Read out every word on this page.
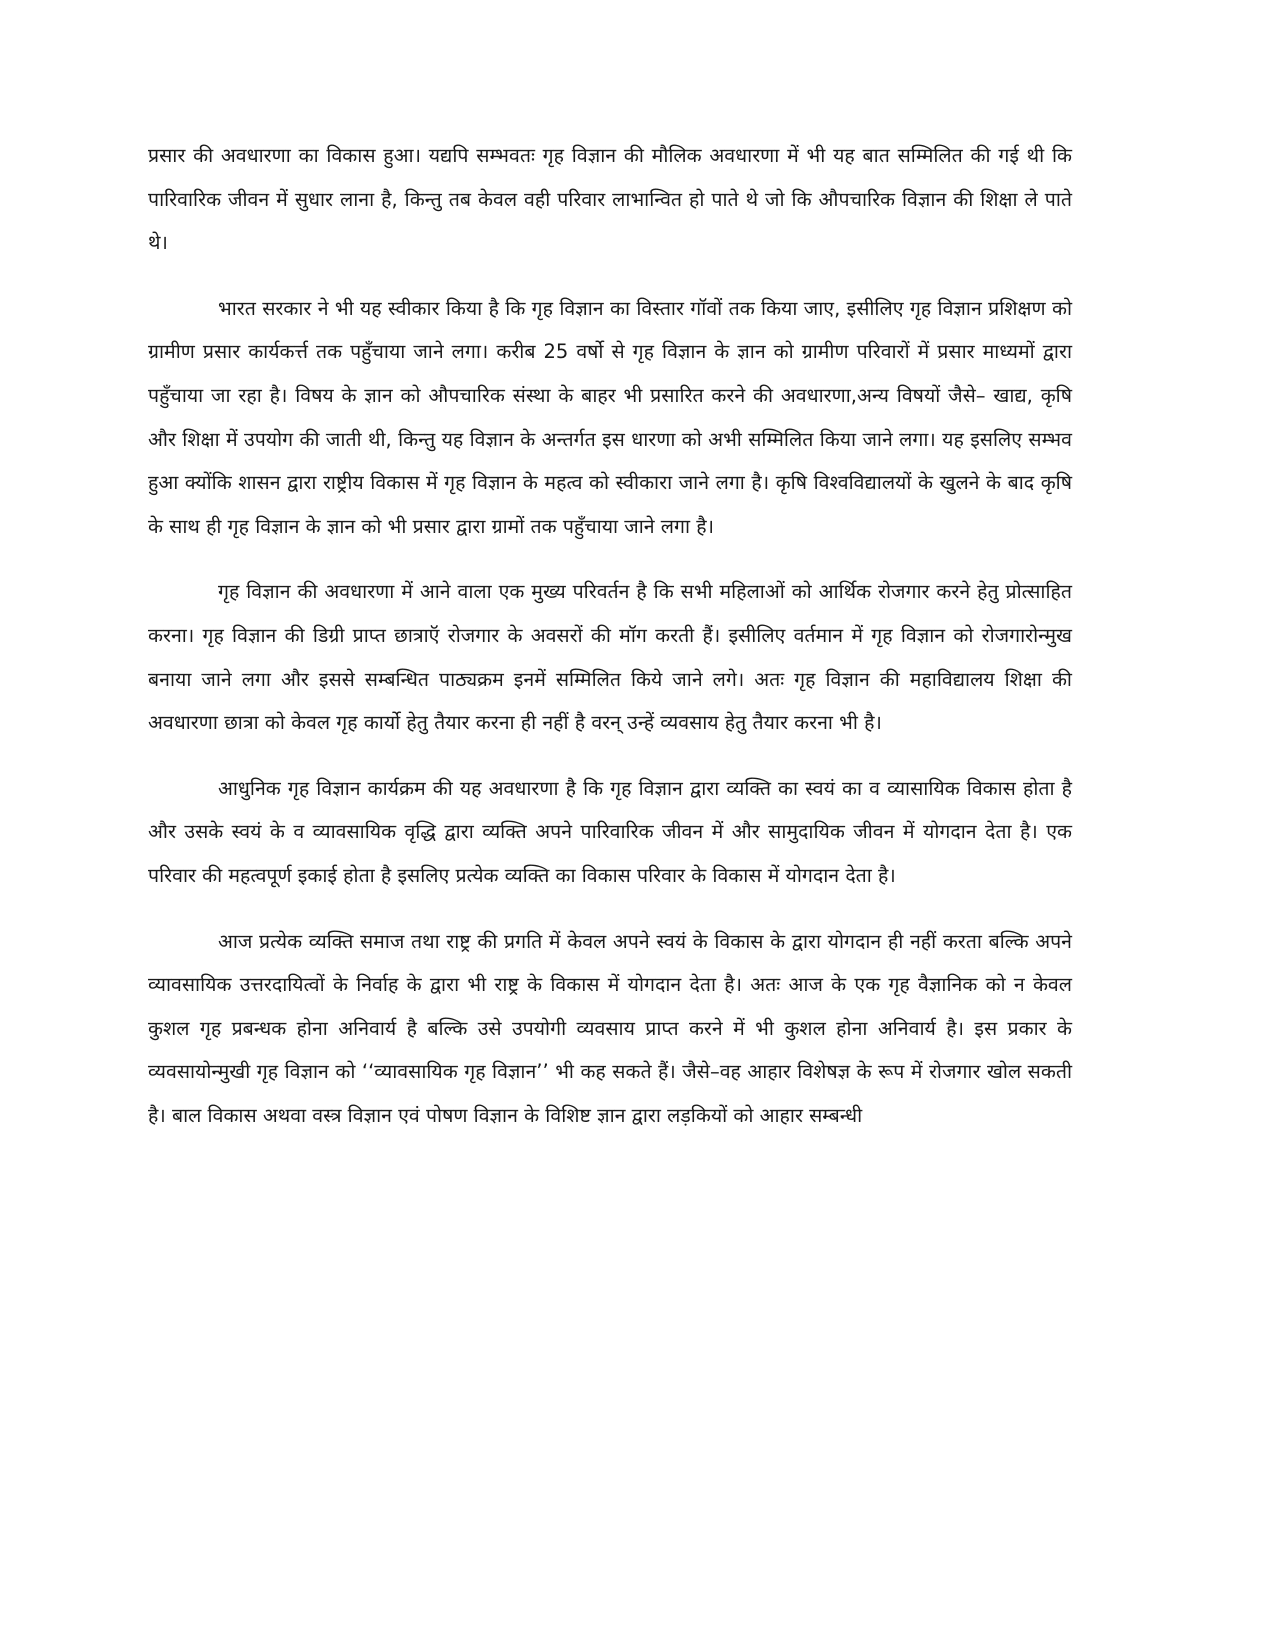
प्रसार की अवधारणा का विकास हुआ। यद्यपि सम्भवतः गृह विज्ञान की मौलिक अवधारणा में भी यह बात सम्मिलित की गई थी कि पारिवारिक जीवन में सुधार लाना है, किन्तु तब केवल वही परिवार लाभान्वित हो पाते थे जो कि औपचारिक विज्ञान की शिक्षा ले पाते थे।

भारत सरकार ने भी यह स्वीकार किया है कि गृह विज्ञान का विस्तार गॉवों तक किया जाए, इसीलिए गृह विज्ञान प्रशिक्षण को ग्रामीण प्रसार कार्यकर्त्त तक पहुँचाया जाने लगा। करीब 25 वर्षो से गृह विज्ञान के ज्ञान को ग्रामीण परिवारों में प्रसार माध्यमों द्वारा पहुँचाया जा रहा है। विषय के ज्ञान को औपचारिक संस्था के बाहर भी प्रसारित करने की अवधारणा,अन्य विषयों जैसे– खाद्य, कृषि और शिक्षा में उपयोग की जाती थी, किन्तु यह विज्ञान के अन्तर्गत इस धारणा को अभी सम्मिलित किया जाने लगा। यह इसलिए सम्भव हुआ क्योंकि शासन द्वारा राष्ट्रीय विकास में गृह विज्ञान के महत्व को स्वीकारा जाने लगा है। कृषि विश्वविद्यालयों के खुलने के बाद कृषि के साथ ही गृह विज्ञान के ज्ञान को भी प्रसार द्वारा ग्रामों तक पहुँचाया जाने लगा है।

गृह विज्ञान की अवधारणा में आने वाला एक मुख्य परिवर्तन है कि सभी महिलाओं को आर्थिक रोजगार करने हेतु प्रोत्साहित करना। गृह विज्ञान की डिग्री प्राप्त छात्राऍ रोजगार के अवसरों की मॉग करती हैं। इसीलिए वर्तमान में गृह विज्ञान को रोजगारोन्मुख बनाया जाने लगा और इससे सम्बन्धित पाठ्यक्रम इनमें सम्मिलित किये जाने लगे। अतः गृह विज्ञान की महाविद्यालय शिक्षा की अवधारणा छात्रा को केवल गृह कार्यो हेतु तैयार करना ही नहीं है वरन् उन्हें व्यवसाय हेतु तैयार करना भी है।

आधुनिक गृह विज्ञान कार्यक्रम की यह अवधारणा है कि गृह विज्ञान द्वारा व्यक्ति का स्वयं का व व्यासायिक विकास होता है और उसके स्वयं के व व्यावसायिक वृद्धि द्वारा व्यक्ति अपने पारिवारिक जीवन में और सामुदायिक जीवन में योगदान देता है। एक परिवार की महत्वपूर्ण इकाई होता है इसलिए प्रत्येक व्यक्ति का विकास परिवार के विकास में योगदान देता है।

आज प्रत्येक व्यक्ति समाज तथा राष्ट्र की प्रगति में केवल अपने स्वयं के विकास के द्वारा योगदान ही नहीं करता बल्कि अपने व्यावसायिक उत्तरदायित्वों के निर्वाह के द्वारा भी राष्ट्र के विकास में योगदान देता है। अतः आज के एक गृह वैज्ञानिक को न केवल कुशल गृह प्रबन्धक होना अनिवार्य है बल्कि उसे उपयोगी व्यवसाय प्राप्त करने में भी कुशल होना अनिवार्य है। इस प्रकार के व्यवसायोन्मुखी गृह विज्ञान को ‘‘व्यावसायिक गृह विज्ञान’’ भी कह सकते हैं। जैसे–वह आहार विशेषज्ञ के रूप में रोजगार खोल सकती है। बाल विकास अथवा वस्त्र विज्ञान एवं पोषण विज्ञान के विशिष्ट ज्ञान द्वारा लड़कियों को आहार सम्बन्धी
